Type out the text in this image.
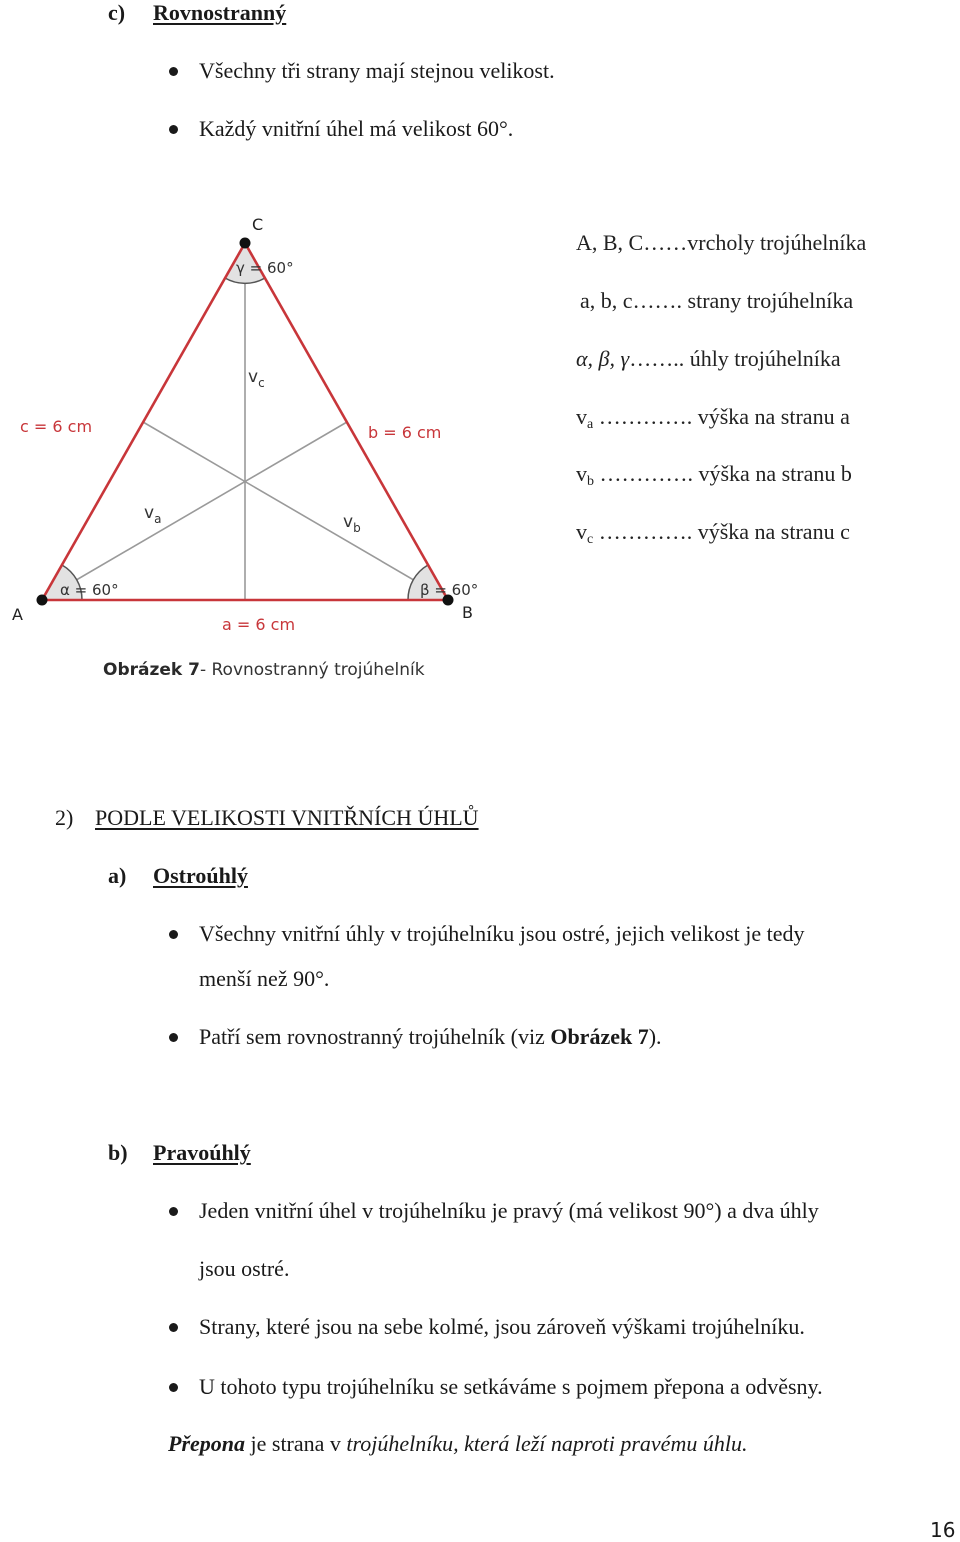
c) Rovnostranný
Všechny tři strany mají stejnou velikost.
Každý vnitřní úhel má velikost 60°.
A	B
C
a = 6 cm
b = 6 cm
c = 6 cm
α = 60°	β = 60°
γ = 60°
$v_c$
$v_a$	$v_b$
A, B, C……vrcholy trojúhelníka
a, b, c……. strany trojúhelníka
α, β, γ…….. úhly trojúhelníka
$v_a$ …………. výška na stranu a
$v_b$ …………. výška na stranu b
$v_c$ …………. výška na stranu c
Obrázek 7- Rovnostranný trojúhelník
2) PODLE VELIKOSTI VNITŘNÍCH ÚHLŮ
a) Ostroúhlý
Všechny vnitřní úhly v trojúhelníku jsou ostré, jejich velikost je tedy
menší než 90°.
Patří sem rovnostranný trojúhelník (viz Obrázek 7).
b) Pravoúhlý
Jeden vnitřní úhel v trojúhelníku je pravý (má velikost 90°) a dva úhly
jsou ostré.
Strany, které jsou na sebe kolmé, jsou zároveň výškami trojúhelníku.
U tohoto typu trojúhelníku se setkáváme s pojmem přepona a odvěsny.
Přepona je strana v trojúhelníku, která leží naproti pravému úhlu.
16
